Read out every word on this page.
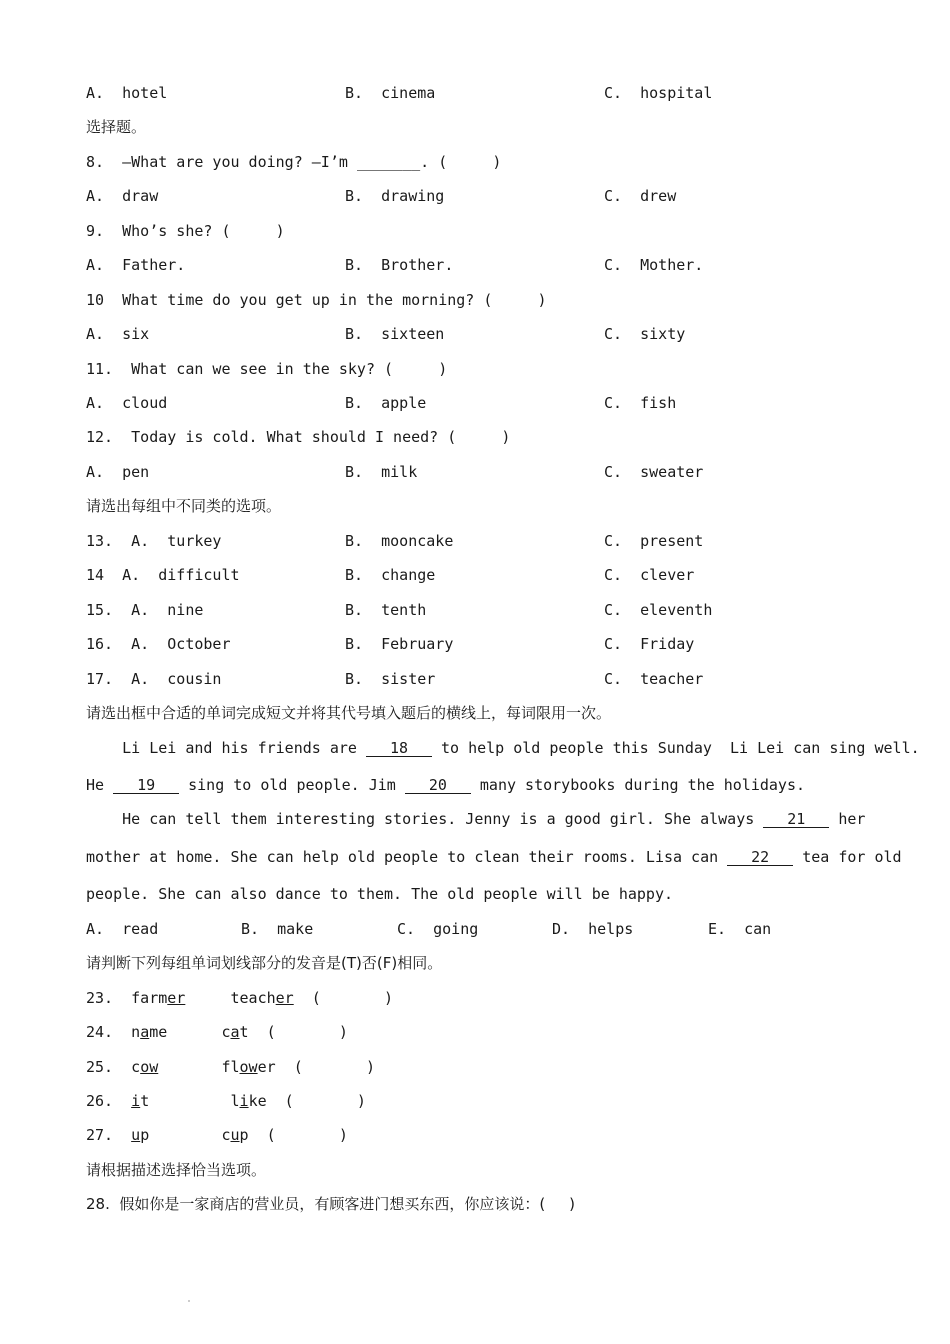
A.  hotel	B.  cinema	C.  hospital
选择题。
8.  —What are you doing? —I’m _______. (     )
A.  draw	B.  drawing	C.  drew
9.  Who’s she? (     )
A.  Father.	B.  Brother.	C.  Mother.
10  What time do you get up in the morning? (     )
A.  six	B.  sixteen	C.  sixty
11.  What can we see in the sky? (     )
A.  cloud	B.  apple	C.  fish
12.  Today is cold. What should I need? (     )
A.  pen	B.  milk	C.  sweater
请选出每组中不同类的选项。
13.  A.  turkey	B.  mooncake	C.  present
14  A.  difficult	B.  change	C.  clever
15.  A.  nine	B.  tenth	C.  eleventh
16.  A.  October	B.  February	C.  Friday
17.  A.  cousin	B.  sister	C.  teacher
请选出框中合适的单词完成短文并将其代号填入题后的横线上，每词限用一次。
Li Lei and his friends are 18 to help old people this Sunday  Li Lei can sing well.
He 19 sing to old people. Jim 20 many storybooks during the holidays.
He can tell them interesting stories. Jenny is a good girl. She always 21 her
mother at home. She can help old people to clean their rooms. Lisa can 22 tea for old
people. She can also dance to them. The old people will be happy.
A.  read	B.  make	C.  going	D.  helps	E.  can
请判断下列每组单词划线部分的发音是(T)否(F)相同。
23.  farmer	teacher  (       )
24.  name	cat  (       )
25.  cow	flower  (       )
26.  it	like  (       )
27.  up	cup  (       )
请根据描述选择恰当选项。
28.  假如你是一家商店的营业员，有顾客进门想买东西，你应该说：(     )
